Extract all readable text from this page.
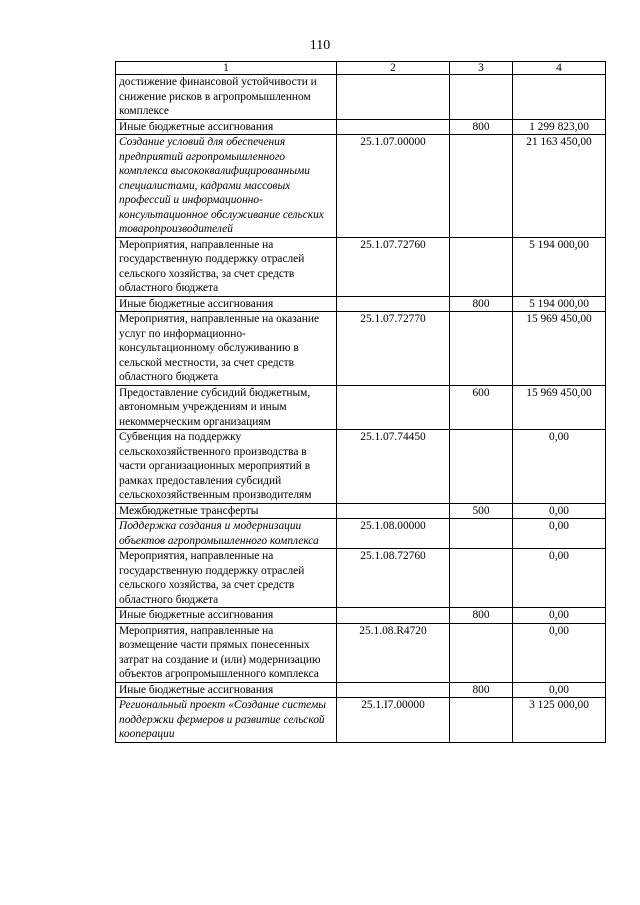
110
1	2	3	4
достижение финансовой устойчивости и снижение рисков в агропромышленном комплексе			
Иные бюджетные ассигнования		800	1 299 823,00
Создание условий для обеспечения предприятий агропромышленного комплекса высококвалифицированными специалистами, кадрами массовых профессий и информационно-консультационное обслуживание сельских товаропроизводителей	25.1.07.00000		21 163 450,00
Мероприятия, направленные на государственную поддержку отраслей сельского хозяйства, за счет средств областного бюджета	25.1.07.72760		5 194 000,00
Иные бюджетные ассигнования		800	5 194 000,00
Мероприятия, направленные на оказание услуг по информационно-консультационному обслуживанию в сельской местности, за счет средств областного бюджета	25.1.07.72770		15 969 450,00
Предоставление субсидий бюджетным, автономным учреждениям и иным некоммерческим организациям		600	15 969 450,00
Субвенция на поддержку сельскохозяйственного производства в части организационных мероприятий в рамках предоставления субсидий сельскохозяйственным производителям	25.1.07.74450		0,00
Межбюджетные трансферты		500	0,00
Поддержка создания и модернизации объектов агропромышленного комплекса	25.1.08.00000		0,00
Мероприятия, направленные на государственную поддержку отраслей сельского хозяйства, за счет средств областного бюджета	25.1.08.72760		0,00
Иные бюджетные ассигнования		800	0,00
Мероприятия, направленные на возмещение части прямых понесенных затрат на создание и (или) модернизацию объектов агропромышленного комплекса	25.1.08.R4720		0,00
Иные бюджетные ассигнования		800	0,00
Региональный проект «Создание системы поддержки фермеров и развитие сельской кооперации	25.1.I7.00000		3 125 000,00
